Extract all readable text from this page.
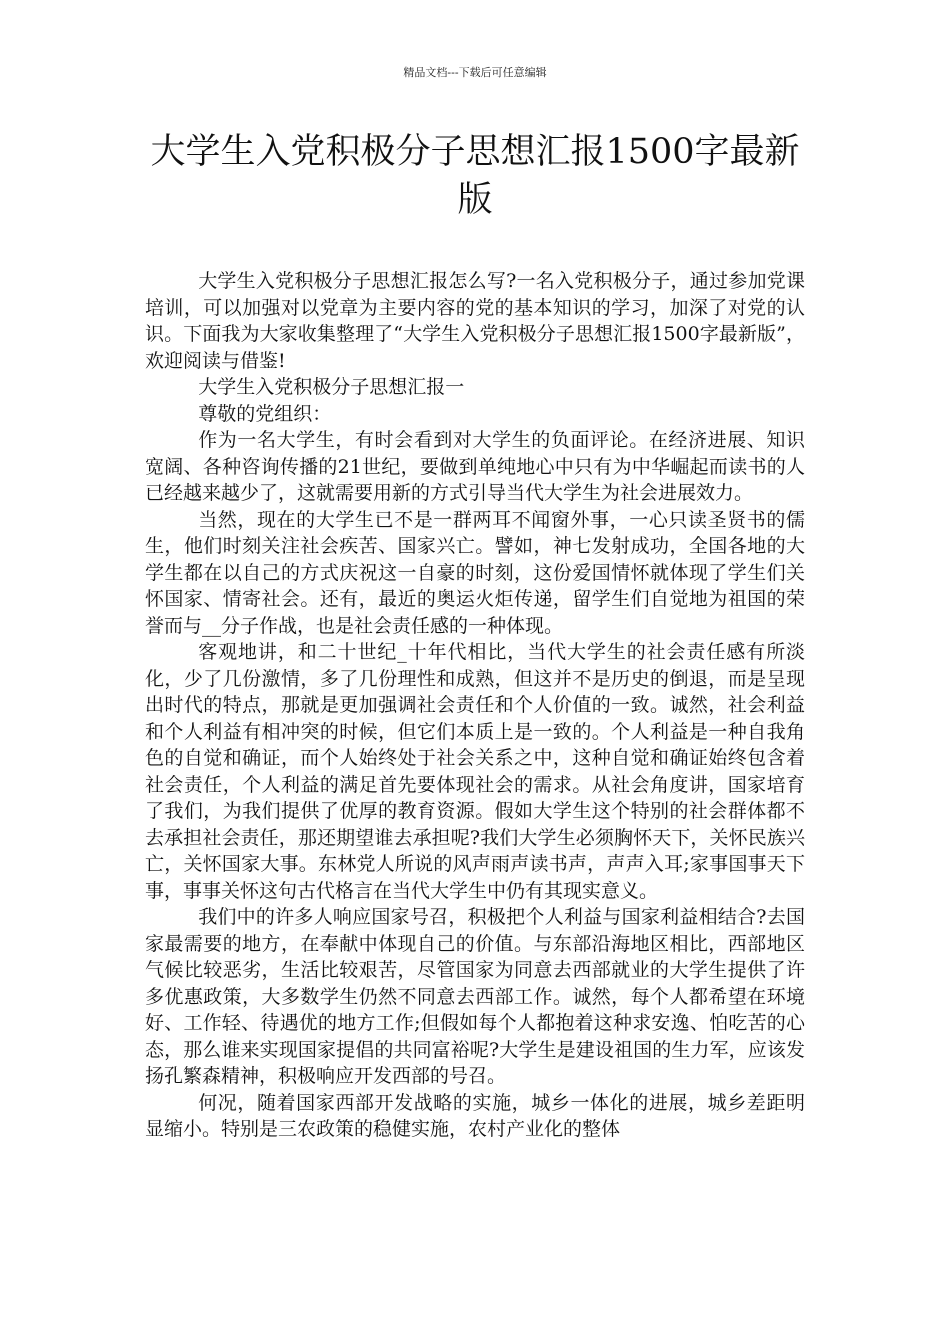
精品文档---下载后可任意编辑
大学生入党积极分子思想汇报1500字最新版

大学生入党积极分子思想汇报怎么写?一名入党积极分子，通过参加党课培训，可以加强对以党章为主要内容的党的基本知识的学习，加深了对党的认识。下面我为大家收集整理了“大学生入党积极分子思想汇报1500字最新版”，欢迎阅读与借鉴!

大学生入党积极分子思想汇报一

尊敬的党组织：

作为一名大学生，有时会看到对大学生的负面评论。在经济进展、知识宽阔、各种咨询传播的21世纪，要做到单纯地心中只有为中华崛起而读书的人已经越来越少了，这就需要用新的方式引导当代大学生为社会进展效力。

当然，现在的大学生已不是一群两耳不闻窗外事，一心只读圣贤书的儒生，他们时刻关注社会疾苦、国家兴亡。譬如，神七发射成功，全国各地的大学生都在以自己的方式庆祝这一自豪的时刻，这份爱国情怀就体现了学生们关怀国家、情寄社会。还有，最近的奥运火炬传递，留学生们自觉地为祖国的荣誉而与__分子作战，也是社会责任感的一种体现。

客观地讲，和二十世纪_十年代相比，当代大学生的社会责任感有所淡化，少了几份激情，多了几份理性和成熟，但这并不是历史的倒退，而是呈现出时代的特点，那就是更加强调社会责任和个人价值的一致。诚然，社会利益和个人利益有相冲突的时候，但它们本质上是一致的。个人利益是一种自我角色的自觉和确证，而个人始终处于社会关系之中，这种自觉和确证始终包含着社会责任，个人利益的满足首先要体现社会的需求。从社会角度讲，国家培育了我们，为我们提供了优厚的教育资源。假如大学生这个特别的社会群体都不去承担社会责任，那还期望谁去承担呢?我们大学生必须胸怀天下，关怀民族兴亡，关怀国家大事。东林党人所说的风声雨声读书声，声声入耳;家事国事天下事，事事关怀这句古代格言在当代大学生中仍有其现实意义。

我们中的许多人响应国家号召，积极把个人利益与国家利益相结合?去国家最需要的地方，在奉献中体现自己的价值。与东部沿海地区相比，西部地区气候比较恶劣，生活比较艰苦，尽管国家为同意去西部就业的大学生提供了许多优惠政策，大多数学生仍然不同意去西部工作。诚然，每个人都希望在环境好、工作轻、待遇优的地方工作;但假如每个人都抱着这种求安逸、怕吃苦的心态，那么谁来实现国家提倡的共同富裕呢?大学生是建设祖国的生力军，应该发扬孔繁森精神，积极响应开发西部的号召。

何况，随着国家西部开发战略的实施，城乡一体化的进展，城乡差距明显缩小。特别是三农政策的稳健实施，农村产业化的整体
